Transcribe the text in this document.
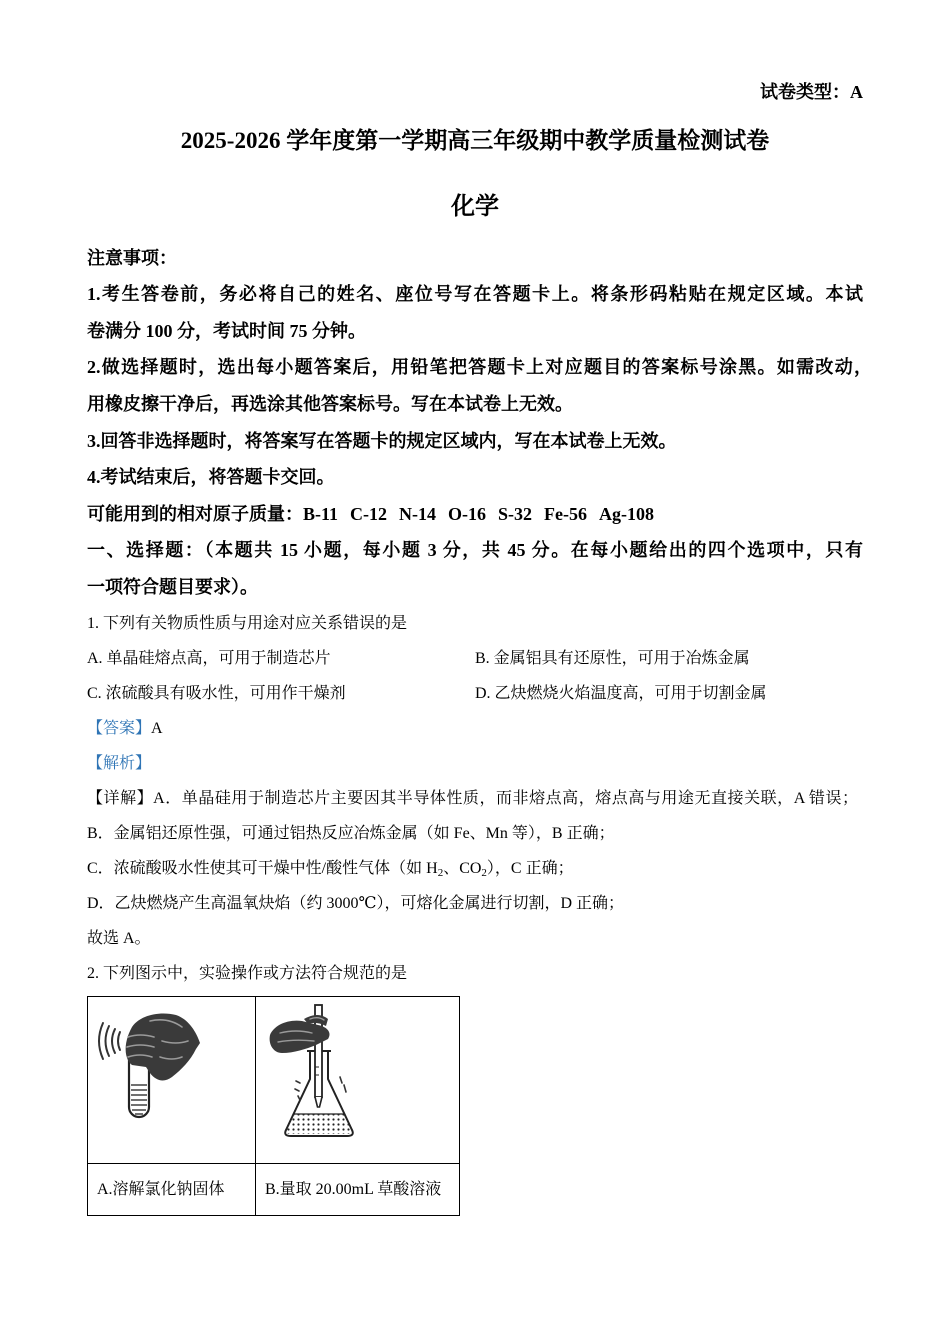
试卷类型：A
2025-2026 学年度第一学期高三年级期中教学质量检测试卷
化学
注意事项：
1.考生答卷前，务必将自己的姓名、座位号写在答题卡上。将条形码粘贴在规定区域。本试
卷满分 100 分，考试时间 75 分钟。
2.做选择题时，选出每小题答案后，用铅笔把答题卡上对应题目的答案标号涂黑。如需改动，
用橡皮擦干净后，再选涂其他答案标号。写在本试卷上无效。
3.回答非选择题时，将答案写在答题卡的规定区域内，写在本试卷上无效。
4.考试结束后，将答题卡交回。
可能用到的相对原子质量：B-11 C-12 N-14 O-16 S-32 Fe-56 Ag-108
一、选择题：（本题共 15 小题，每小题 3 分，共 45 分。在每小题给出的四个选项中，只有
一项符合题目要求）。
1. 下列有关物质性质与用途对应关系错误的是
A. 单晶硅熔点高，可用于制造芯片	B. 金属铝具有还原性，可用于冶炼金属
C. 浓硫酸具有吸水性，可用作干燥剂	D. 乙炔燃烧火焰温度高，可用于切割金属
【答案】A
【解析】
【详解】A．单晶硅用于制造芯片主要因其半导体性质，而非熔点高，熔点高与用途无直接关联，A 错误；
B．金属铝还原性强，可通过铝热反应冶炼金属（如 Fe、Mn 等），B 正确；
C．浓硫酸吸水性使其可干燥中性/酸性气体（如 $H_2$、$CO_2$），C 正确；
D．乙炔燃烧产生高温氧炔焰（约 3000℃），可熔化金属进行切割，D 正确；
故选 A。
2. 下列图示中，实验操作或方法符合规范的是
A.溶解氯化钠固体	B.量取 20.00mL 草酸溶液
